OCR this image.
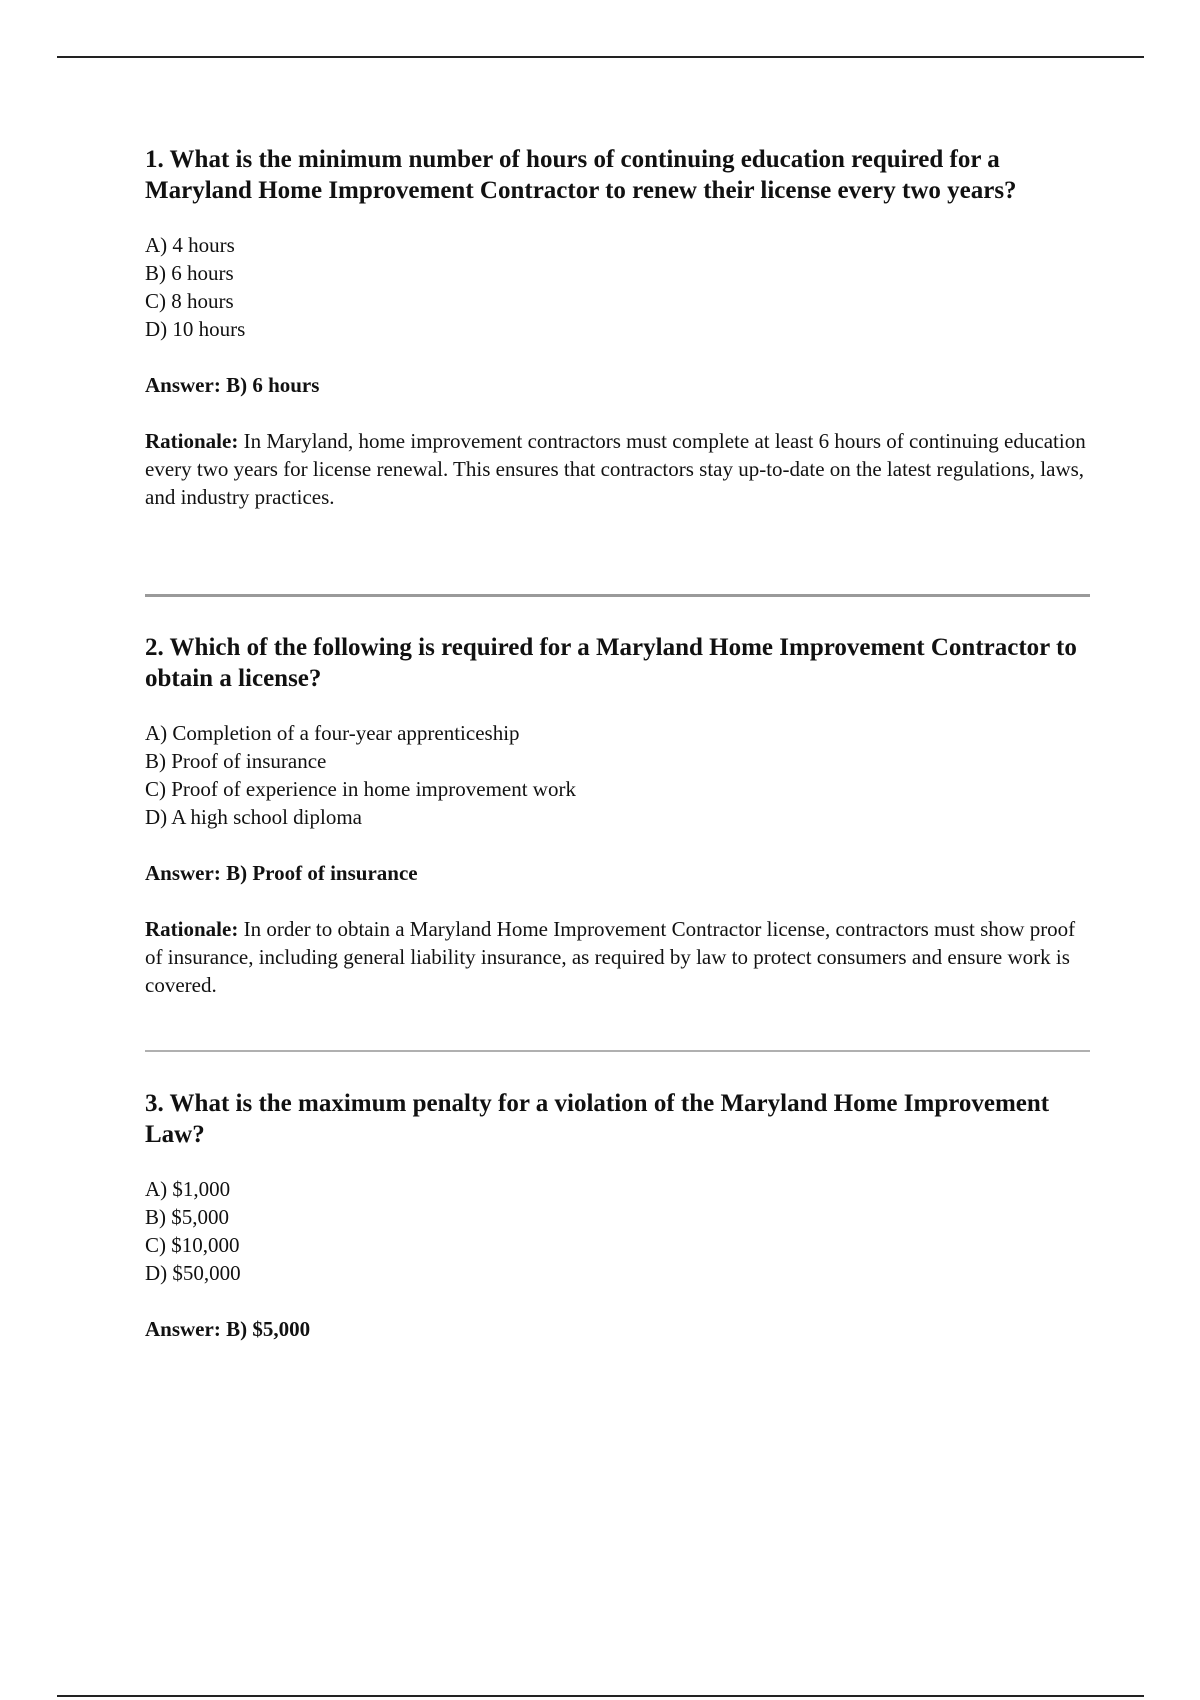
1. What is the minimum number of hours of continuing education required for a Maryland Home Improvement Contractor to renew their license every two years?

A) 4 hours
B) 6 hours
C) 8 hours
D) 10 hours
Answer: B) 6 hours
Rationale: In Maryland, home improvement contractors must complete at least 6 hours of continuing education every two years for license renewal. This ensures that contractors stay up-to-date on the latest regulations, laws, and industry practices.

2. Which of the following is required for a Maryland Home Improvement Contractor to obtain a license?

A) Completion of a four-year apprenticeship
B) Proof of insurance
C) Proof of experience in home improvement work
D) A high school diploma
Answer: B) Proof of insurance
Rationale: In order to obtain a Maryland Home Improvement Contractor license, contractors must show proof of insurance, including general liability insurance, as required by law to protect consumers and ensure work is covered.

3. What is the maximum penalty for a violation of the Maryland Home Improvement Law?

A) $1,000
B) $5,000
C) $10,000
D) $50,000
Answer: B) $5,000
